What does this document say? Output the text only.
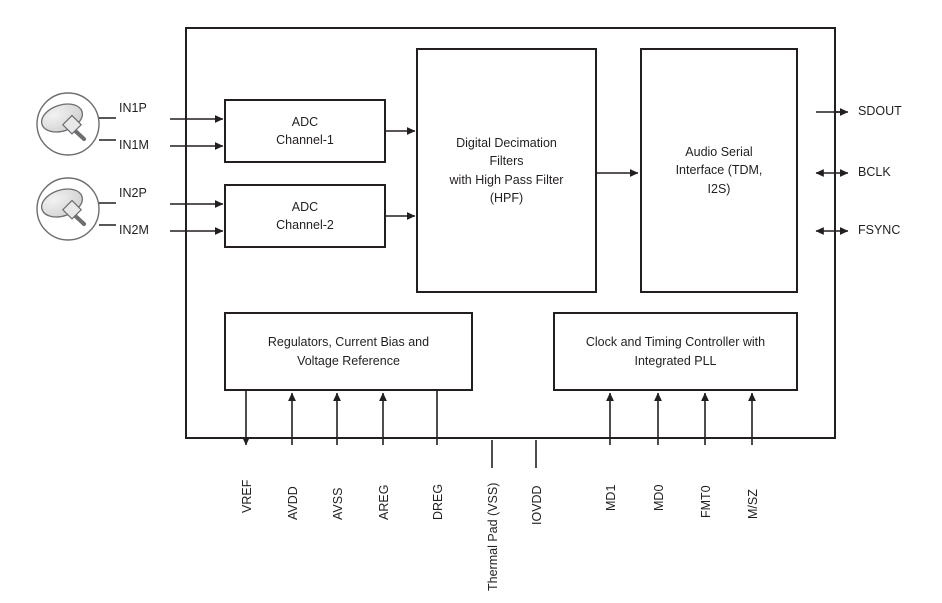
ADC
Channel-1
ADC
Channel-2
Digital Decimation
Filters
with High Pass Filter
(HPF)
Audio Serial
Interface (TDM,
I2S)
Regulators, Current Bias and
Voltage Reference
Clock and Timing Controller with
Integrated PLL
IN1P
IN1M
IN2P
IN2M
SDOUT
BCLK
FSYNC
VREF	AVDD AVSS	AREG	DREG	Thermal Pad (VSS) IOVDD	MD1	MD0	FMT0	M/SZ
